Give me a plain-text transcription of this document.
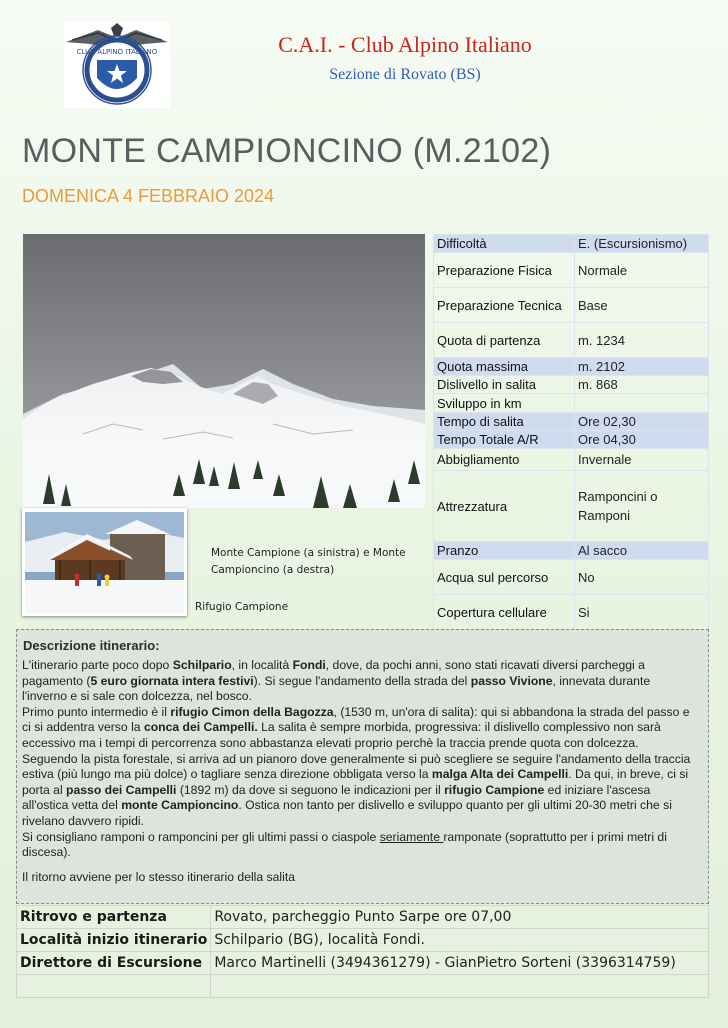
CLUB ALPINO ITALIANO	C.A.I. - Club Alpino Italiano
Sezione di Rovato (BS)
MONTE CAMPIONCINO (M.2102)
DOMENICA 4 FEBBRAIO 2024
Monte Campione (a sinistra) e Monte Campioncino (a destra)
Rifugio Campione
Difficoltà	E. (Escursionismo)
Preparazione Fisica	Normale
Preparazione Tecnica	Base
Quota di partenza	m. 1234
Quota massima	m. 2102
Dislivello in salita	m. 868
Sviluppo in km	
Tempo di salita	Ore 02,30
Tempo Totale A/R	Ore 04,30
Abbigliamento	Invernale
Attrezzatura	Ramponcini o Ramponi
Pranzo	Al sacco
Acqua sul percorso	No
Copertura cellulare	Si
Descrizione itinerario:

L'itinerario parte poco dopo Schilpario, in località Fondi, dove, da pochi anni, sono stati ricavati diversi parcheggi a pagamento (5 euro giornata intera festivi). Si segue l'andamento della strada del passo Vivione, innevata durante l'inverno e si sale con dolcezza, nel bosco.

Primo punto intermedio è il rifugio Cimon della Bagozza, (1530 m, un'ora di salita): qui si abbandona la strada del passo e ci si addentra verso la conca dei Campelli. La salita è sempre morbida, progressiva: il dislivello complessivo non sarà eccessivo ma i tempi di percorrenza sono abbastanza elevati proprio perchè la traccia prende quota con dolcezza.

Seguendo la pista forestale, si arriva ad un pianoro dove generalmente si può scegliere se seguire l'andamento della traccia estiva (più lungo ma più dolce) o tagliare senza direzione obbligata verso la malga Alta dei Campelli. Da qui, in breve, ci si porta al passo dei Campelli (1892 m) da dove si seguono le indicazioni per il rifugio Campione ed iniziare l'ascesa all'ostica vetta del monte Campioncino. Ostica non tanto per dislivello e sviluppo quanto per gli ultimi 20-30 metri che si rivelano davvero ripidi.

Si consigliano ramponi o ramponcini per gli ultimi passi o ciaspole seriamente ramponate (soprattutto per i primi metri di discesa).

Il ritorno avviene per lo stesso itinerario della salita

Ritrovo e partenza	Rovato, parcheggio Punto Sarpe ore 07,00
Località inizio itinerario	Schilpario (BG), località Fondi.
Direttore di Escursione	Marco Martinelli (3494361279) - GianPietro Sorteni (3396314759)
